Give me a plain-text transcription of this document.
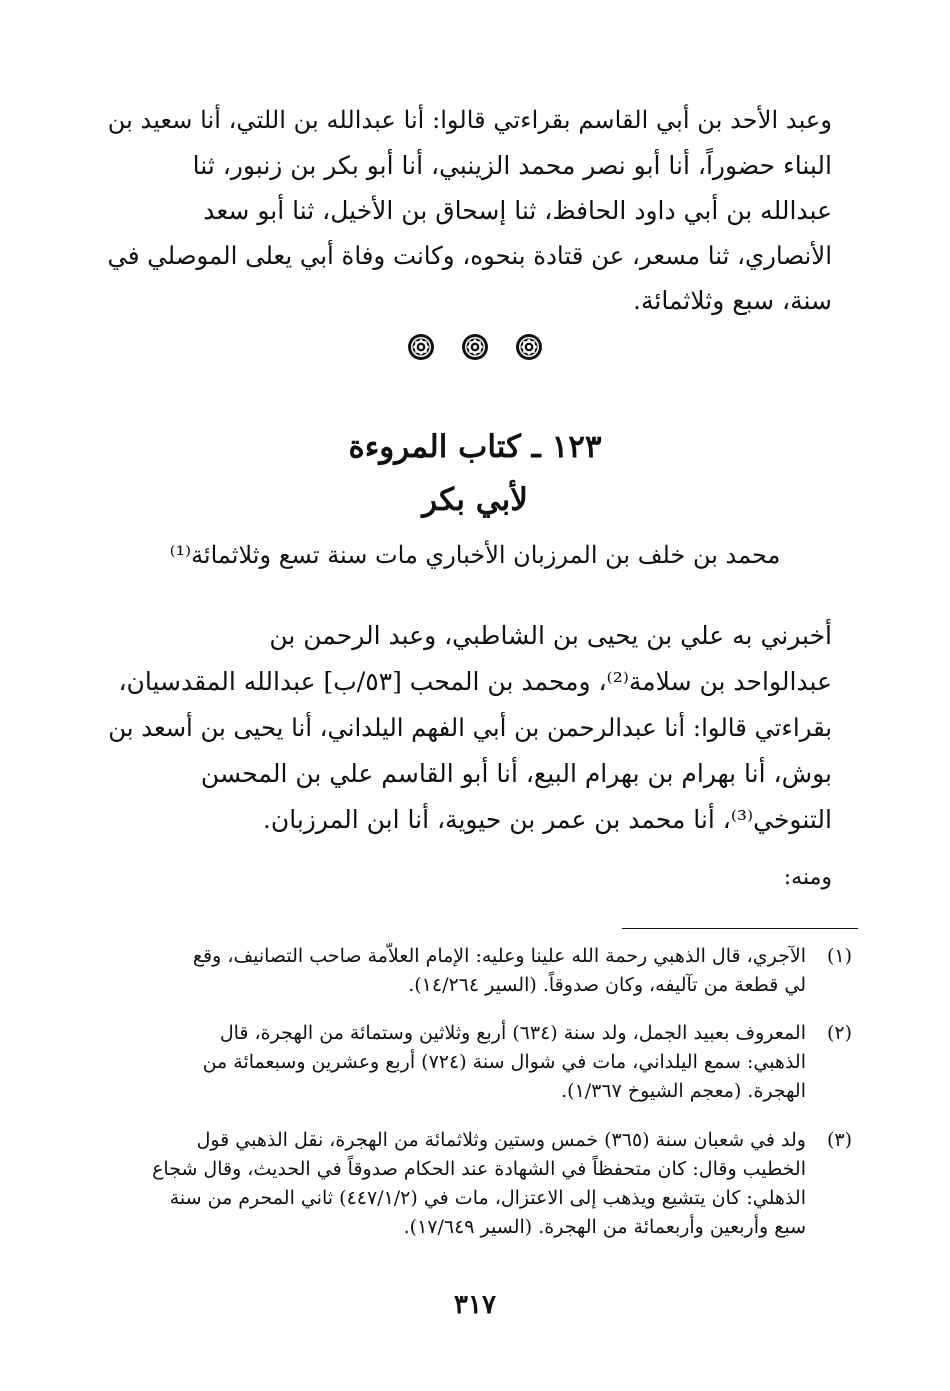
وعبد الأحد بن أبي القاسم بقراءتي قالوا: أنا عبدالله بن اللتي، أنا سعيد بن
البناء حضوراً، أنا أبو نصر محمد الزينبي، أنا أبو بكر بن زنبور، ثنا
عبدالله بن أبي داود الحافظ، ثنا إسحاق بن الأخيل، ثنا أبو سعد
الأنصاري، ثنا مسعر، عن قتادة بنحوه، وكانت وفاة أبي يعلى الموصلي في
سنة، سبع وثلاثمائة.

١٢٣ ـ كتاب المروءة
لأبي بكر
محمد بن خلف بن المرزبان الأخباري مات سنة تسع وثلاثمائة⁽¹⁾

أخبرني به علي بن يحيى بن الشاطبي، وعبد الرحمن بن
عبدالواحد بن سلامة⁽²⁾، ومحمد بن المحب [٥٣/ب] عبدالله المقدسيان،
بقراءتي قالوا: أنا عبدالرحمن بن أبي الفهم اليلداني، أنا يحيى بن أسعد بن
بوش، أنا بهرام بن بهرام البيع، أنا أبو القاسم علي بن المحسن
التنوخي⁽³⁾، أنا محمد بن عمر بن حيوية، أنا ابن المرزبان.

ومنه:
(١)
الآجري، قال الذهبي رحمة الله علينا وعليه: الإمام العلاّمة صاحب التصانيف، وقع
لي قطعة من تآليفه، وكان صدوقاً. (السير ١٤/٢٦٤).
(٢)
المعروف بعبيد الجمل، ولد سنة (٦٣٤) أربع وثلاثين وستمائة من الهجرة، قال
الذهبي: سمع اليلداني، مات في شوال سنة (٧٢٤) أربع وعشرين وسبعمائة من
الهجرة. (معجم الشيوخ ١/٣٦٧).
(٣)
ولد في شعبان سنة (٣٦٥) خمس وستين وثلاثمائة من الهجرة، نقل الذهبي قول
الخطيب وقال: كان متحفظاً في الشهادة عند الحكام صدوقاً في الحديث، وقال شجاع
الذهلي: كان يتشيع ويذهب إلى الاعتزال، مات في (٤٤٧/١/٢) ثاني المحرم من سنة
سبع وأربعين وأربعمائة من الهجرة. (السير ١٧/٦٤٩).
٣١٧
